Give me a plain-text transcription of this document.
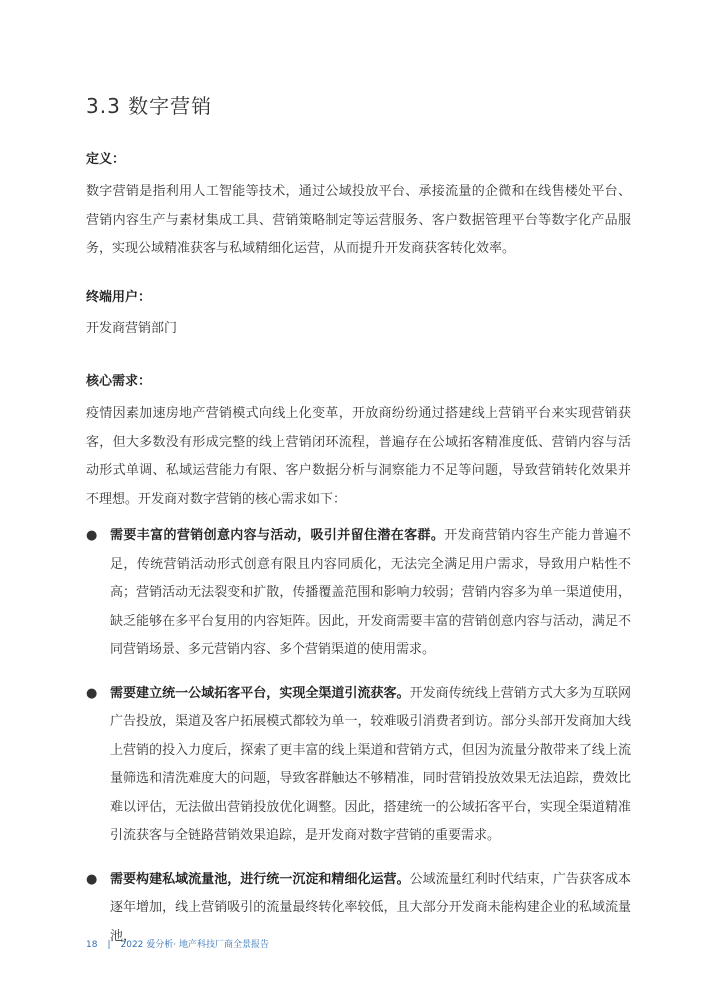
3.3 数字营销
定义：

数字营销是指利用人工智能等技术，通过公域投放平台、承接流量的企微和在线售楼处平台、营销内容生产与素材集成工具、营销策略制定等运营服务、客户数据管理平台等数字化产品服务，实现公域精准获客与私域精细化运营，从而提升开发商获客转化效率。

终端用户：

开发商营销部门

核心需求：

疫情因素加速房地产营销模式向线上化变革，开放商纷纷通过搭建线上营销平台来实现营销获客，但大多数没有形成完整的线上营销闭环流程，普遍存在公域拓客精准度低、营销内容与活动形式单调、私域运营能力有限、客户数据分析与洞察能力不足等问题，导致营销转化效果并不理想。开发商对数字营销的核心需求如下：

● 需要丰富的营销创意内容与活动，吸引并留住潜在客群。开发商营销内容生产能力普遍不足，传统营销活动形式创意有限且内容同质化，无法完全满足用户需求，导致用户粘性不高；营销活动无法裂变和扩散，传播覆盖范围和影响力较弱；营销内容多为单一渠道使用，缺乏能够在多平台复用的内容矩阵。因此，开发商需要丰富的营销创意内容与活动，满足不同营销场景、多元营销内容、多个营销渠道的使用需求。
● 需要建立统一公域拓客平台，实现全渠道引流获客。开发商传统线上营销方式大多为互联网广告投放，渠道及客户拓展模式都较为单一，较难吸引消费者到访。部分头部开发商加大线上营销的投入力度后，探索了更丰富的线上渠道和营销方式，但因为流量分散带来了线上流量筛选和清洗难度大的问题，导致客群触达不够精准，同时营销投放效果无法追踪，费效比难以评估，无法做出营销投放优化调整。因此，搭建统一的公域拓客平台，实现全渠道精准引流获客与全链路营销效果追踪，是开发商对数字营销的重要需求。
● 需要构建私域流量池，进行统一沉淀和精细化运营。公域流量红利时代结束，广告获客成本逐年增加，线上营销吸引的流量最终转化率较低，且大部分开发商未能构建企业的私域流量池，
18 | 2022 爱分析· 地产科技厂商全景报告
